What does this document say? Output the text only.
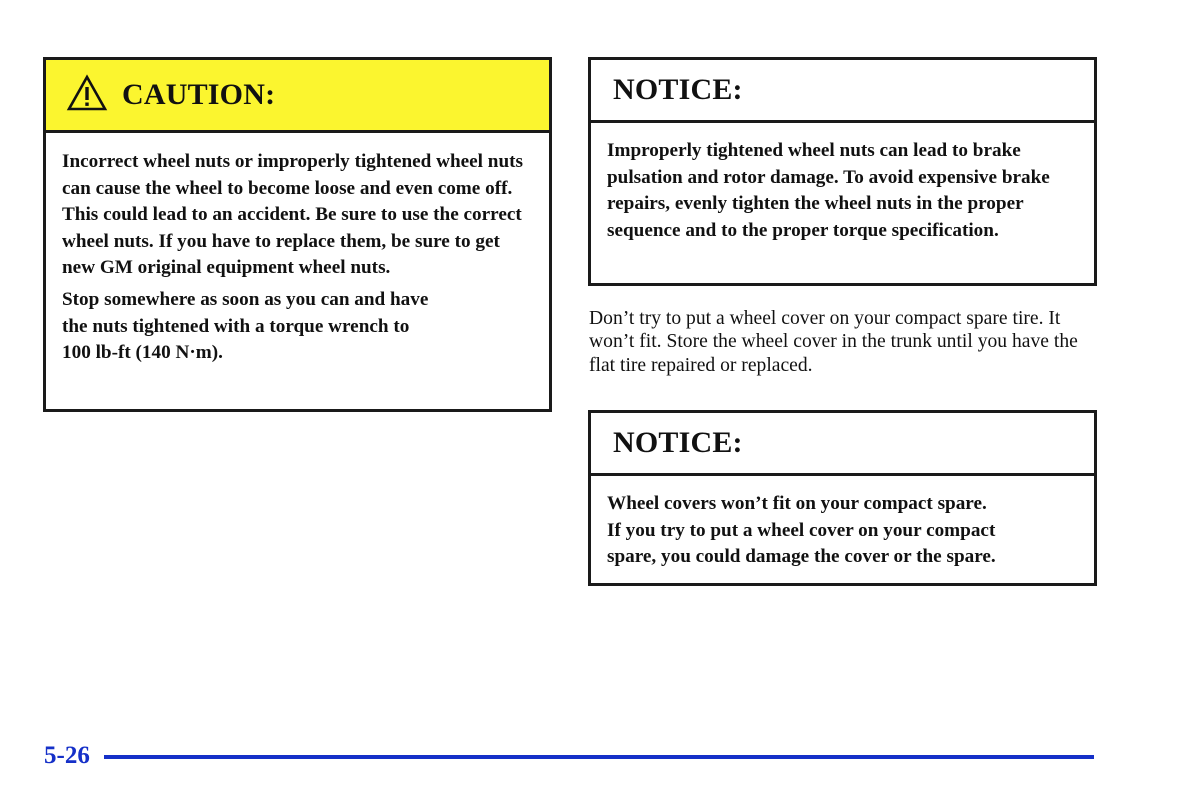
CAUTION:

Incorrect wheel nuts or improperly tightened wheel nuts can cause the wheel to become loose and even come off. This could lead to an accident. Be sure to use the correct wheel nuts. If you have to replace them, be sure to get new GM original equipment wheel nuts.

Stop somewhere as soon as you can and have
the nuts tightened with a torque wrench to
100 lb-ft (140 N·m).

NOTICE:

Improperly tightened wheel nuts can lead to brake pulsation and rotor damage. To avoid expensive brake repairs, evenly tighten the wheel nuts in the proper sequence and to the proper torque specification.

Don’t try to put a wheel cover on your compact spare tire. It won’t fit. Store the wheel cover in the trunk until you have the flat tire repaired or replaced.

NOTICE:

Wheel covers won’t fit on your compact spare.
If you try to put a wheel cover on your compact
spare, you could damage the cover or the spare.

5-26
